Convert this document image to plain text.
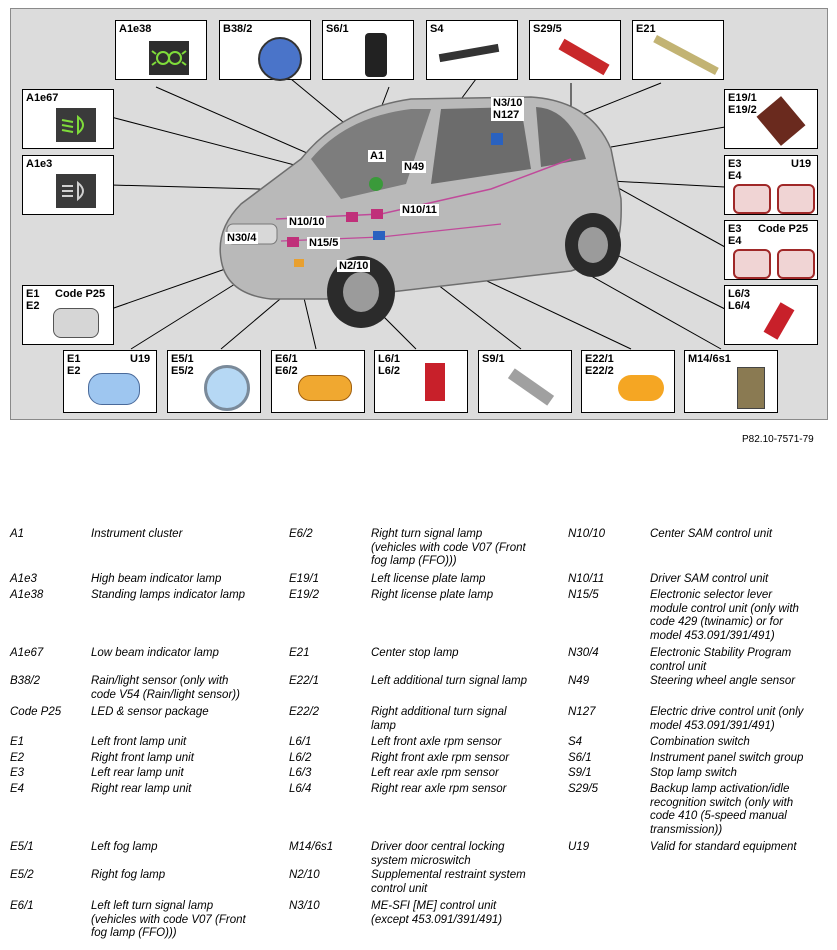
A1e38	B38/2	S6/1	S4	S29/5	E21
A1e67
A1e3
E1
E2
Code P25
E19/1
E19/2
E3
E4
U19
E3
E4
Code P25
L6/3
L6/4
E1
E2
U19 E5/1
E5/2
E6/1
E6/2
L6/1
L6/2
S9/1	E22/1
E22/2
M14/6s1
N3/10
N127
A1
N49
N10/10
N10/11
N30/4	N15/5
N2/10
P82.10-7571-79
A1	Instrument cluster
A1e3	High beam indicator lamp
A1e38	Standing lamps indicator lamp
A1e67	Low beam indicator lamp
B38/2	Rain/light sensor (only with
code V54 (Rain/light sensor))
Code P25	LED & sensor package
E1	Left front lamp unit
E2	Right front lamp unit
E3	Left rear lamp unit
E4	Right rear lamp unit
E5/1	Left fog lamp
E5/2	Right fog lamp
E6/1	Left left turn signal lamp
(vehicles with code V07 (Front
fog lamp (FFO)))
E6/2	Right turn signal lamp
(vehicles with code V07 (Front
fog lamp (FFO)))
E19/1	Left license plate lamp
E19/2	Right license plate lamp
E21	Center stop lamp
E22/1	Left additional turn signal lamp
E22/2	Right additional turn signal
lamp
L6/1	Left front axle rpm sensor
L6/2	Right front axle rpm sensor
L6/3	Left rear axle rpm sensor
L6/4	Right rear axle rpm sensor
M14/6s1	Driver door central locking
system microswitch
N2/10	Supplemental restraint system
control unit
N3/10	ME-SFI [ME] control unit
(except 453.091/391/491)
N10/10	Center SAM control unit
N10/11	Driver SAM control unit
N15/5	Electronic selector lever
module control unit (only with
code 429 (twinamic) or for
model 453.091/391/491)
N30/4	Electronic Stability Program
control unit
N49	Steering wheel angle sensor
N127	Electric drive control unit (only
model 453.091/391/491)
S4	Combination switch
S6/1	Instrument panel switch group
S9/1	Stop lamp switch
S29/5	Backup lamp activation/idle
recognition switch (only with
code 410 (5-speed manual
transmission))
U19	Valid for standard equipment
